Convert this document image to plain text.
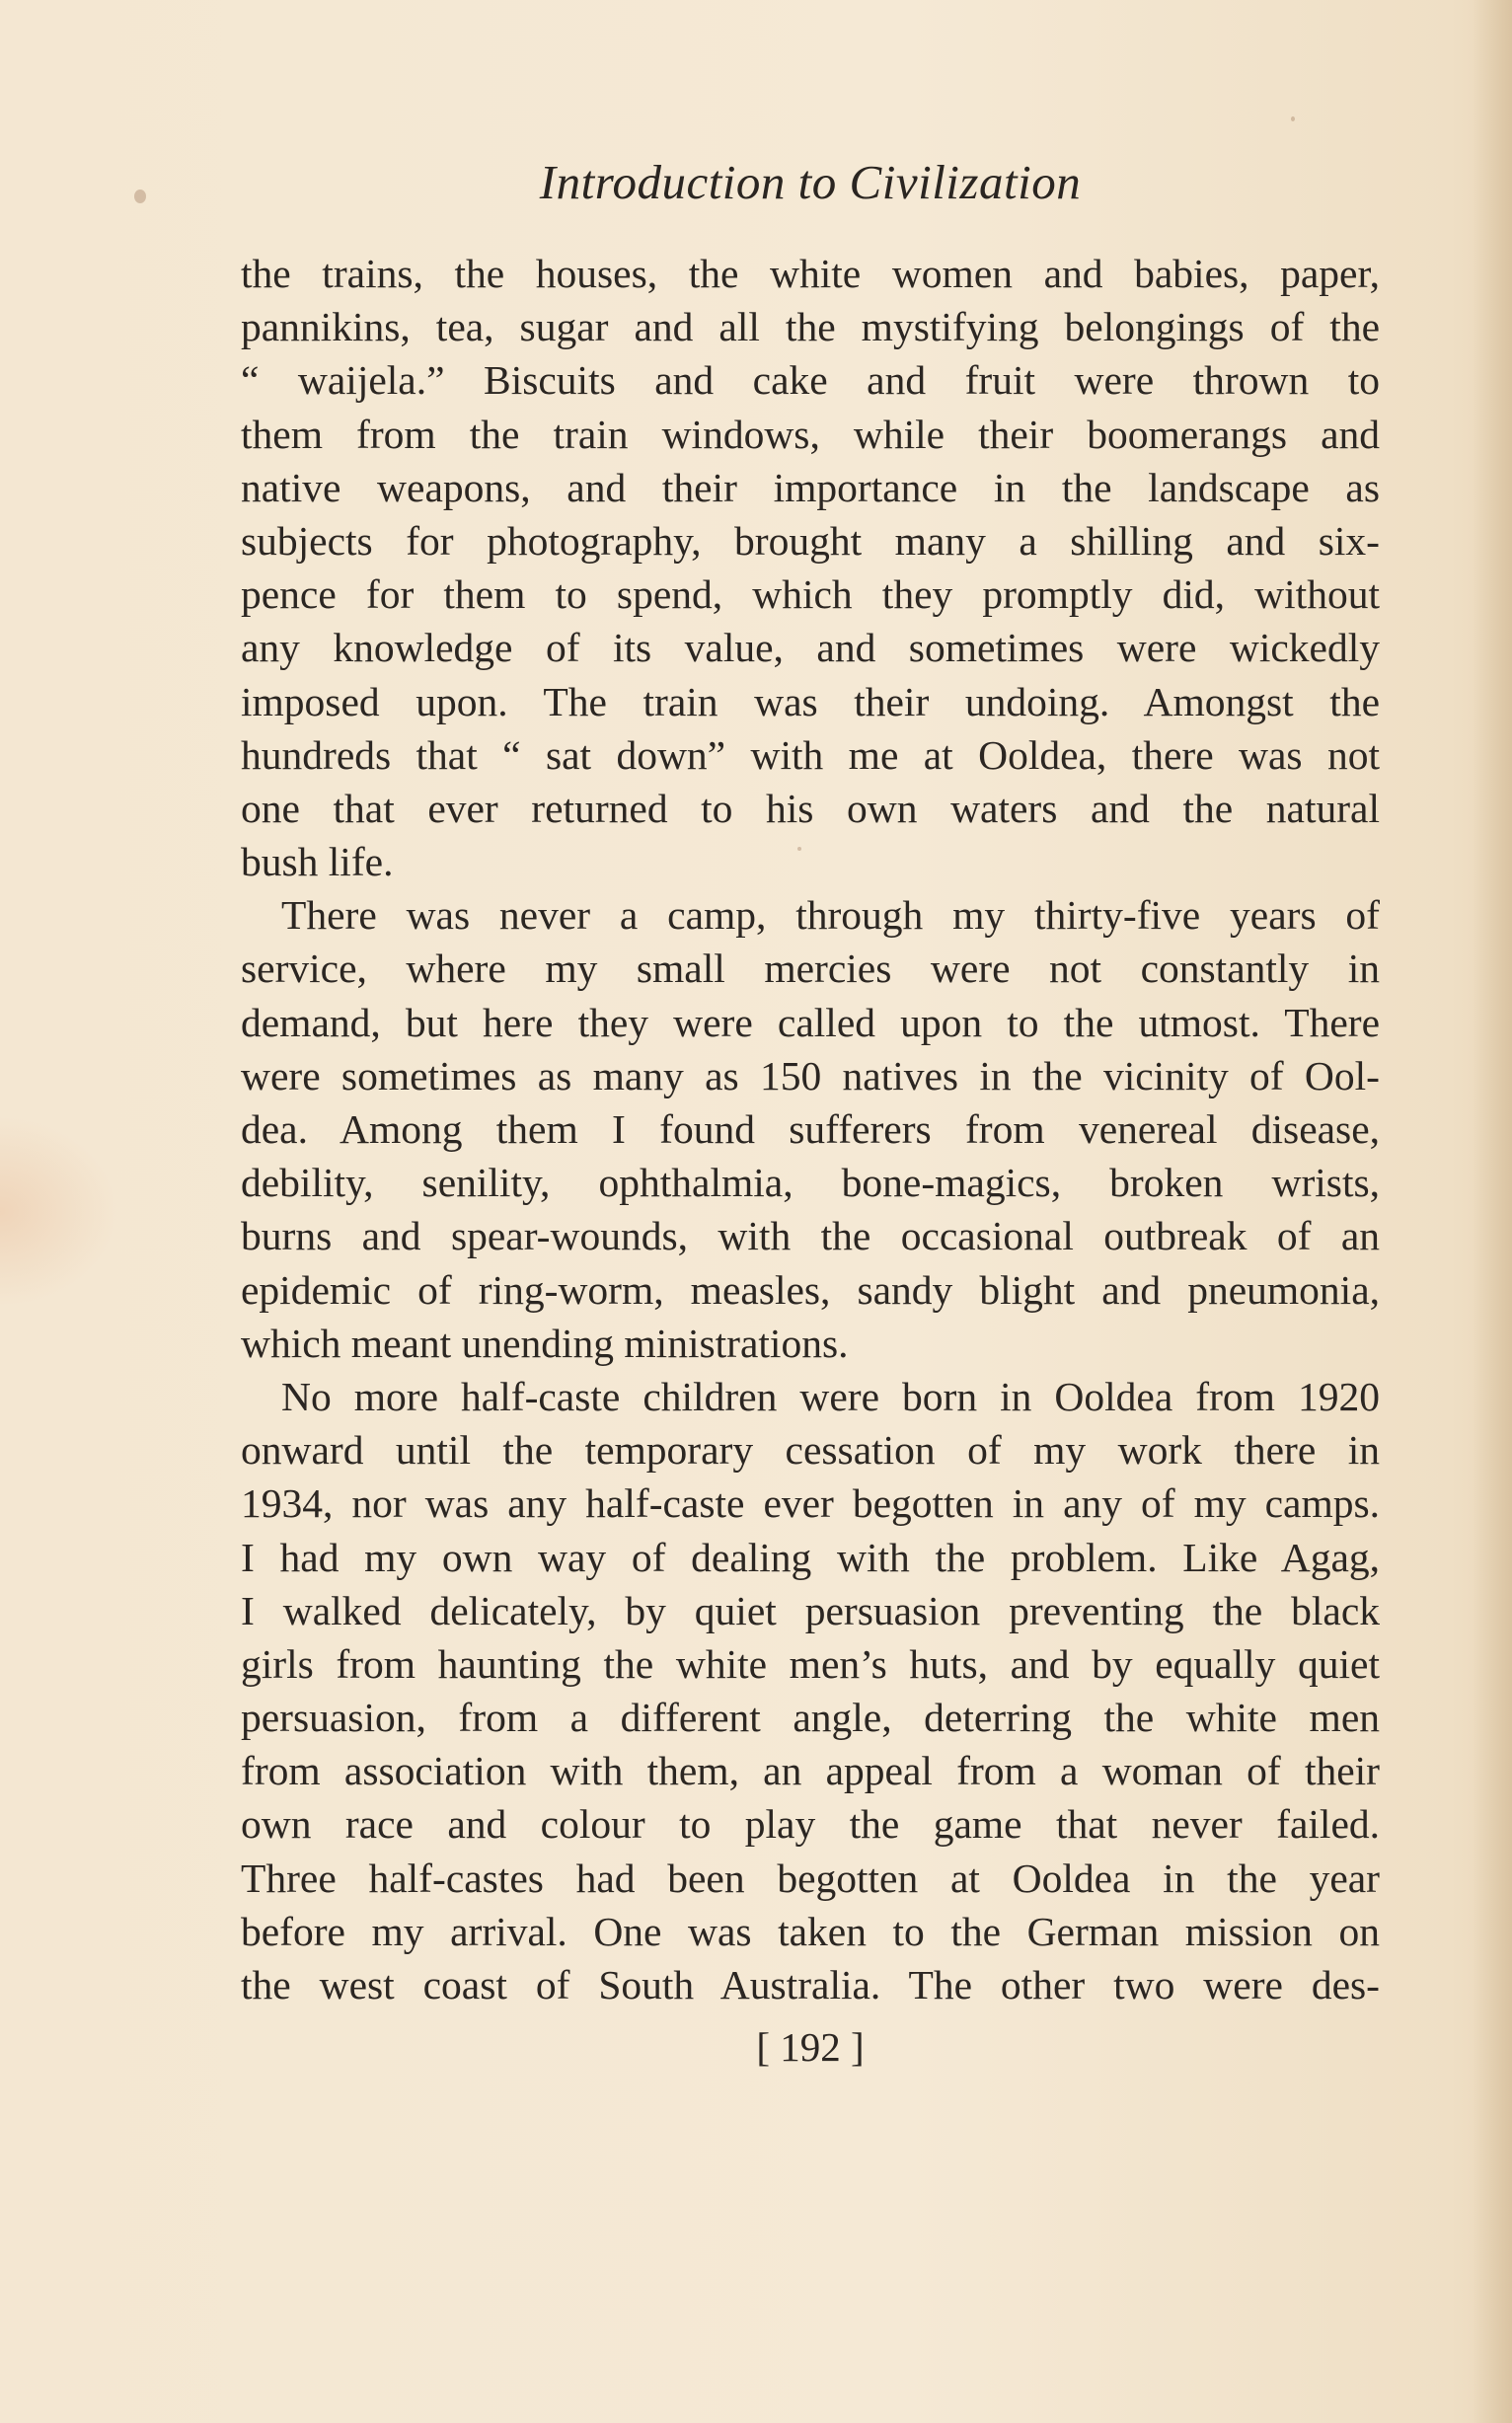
Introduction to Civilization
the trains, the houses, the white women and babies, paper,
pannikins, tea, sugar and all the mystifying belongings of the
“ waijela.” Biscuits and cake and fruit were thrown to
them from the train windows, while their boomerangs and
native weapons, and their importance in the landscape as
subjects for photography, brought many a shilling and six-
pence for them to spend, which they promptly did, without
any knowledge of its value, and sometimes were wickedly
imposed upon. The train was their undoing. Amongst the
hundreds that “ sat down” with me at Ooldea, there was not
one that ever returned to his own waters and the natural
bush life.
There was never a camp, through my thirty-five years of
service, where my small mercies were not constantly in
demand, but here they were called upon to the utmost. There
were sometimes as many as 150 natives in the vicinity of Ool-
dea. Among them I found sufferers from venereal disease,
debility, senility, ophthalmia, bone-magics, broken wrists,
burns and spear-wounds, with the occasional outbreak of an
epidemic of ring-worm, measles, sandy blight and pneumonia,
which meant unending ministrations.
No more half-caste children were born in Ooldea from 1920
onward until the temporary cessation of my work there in
1934, nor was any half-caste ever begotten in any of my camps.
I had my own way of dealing with the problem. Like Agag,
I walked delicately, by quiet persuasion preventing the black
girls from haunting the white men’s huts, and by equally quiet
persuasion, from a different angle, deterring the white men
from association with them, an appeal from a woman of their
own race and colour to play the game that never failed.
Three half-castes had been begotten at Ooldea in the year
before my arrival. One was taken to the German mission on
the west coast of South Australia. The other two were des-
[ 192 ]
